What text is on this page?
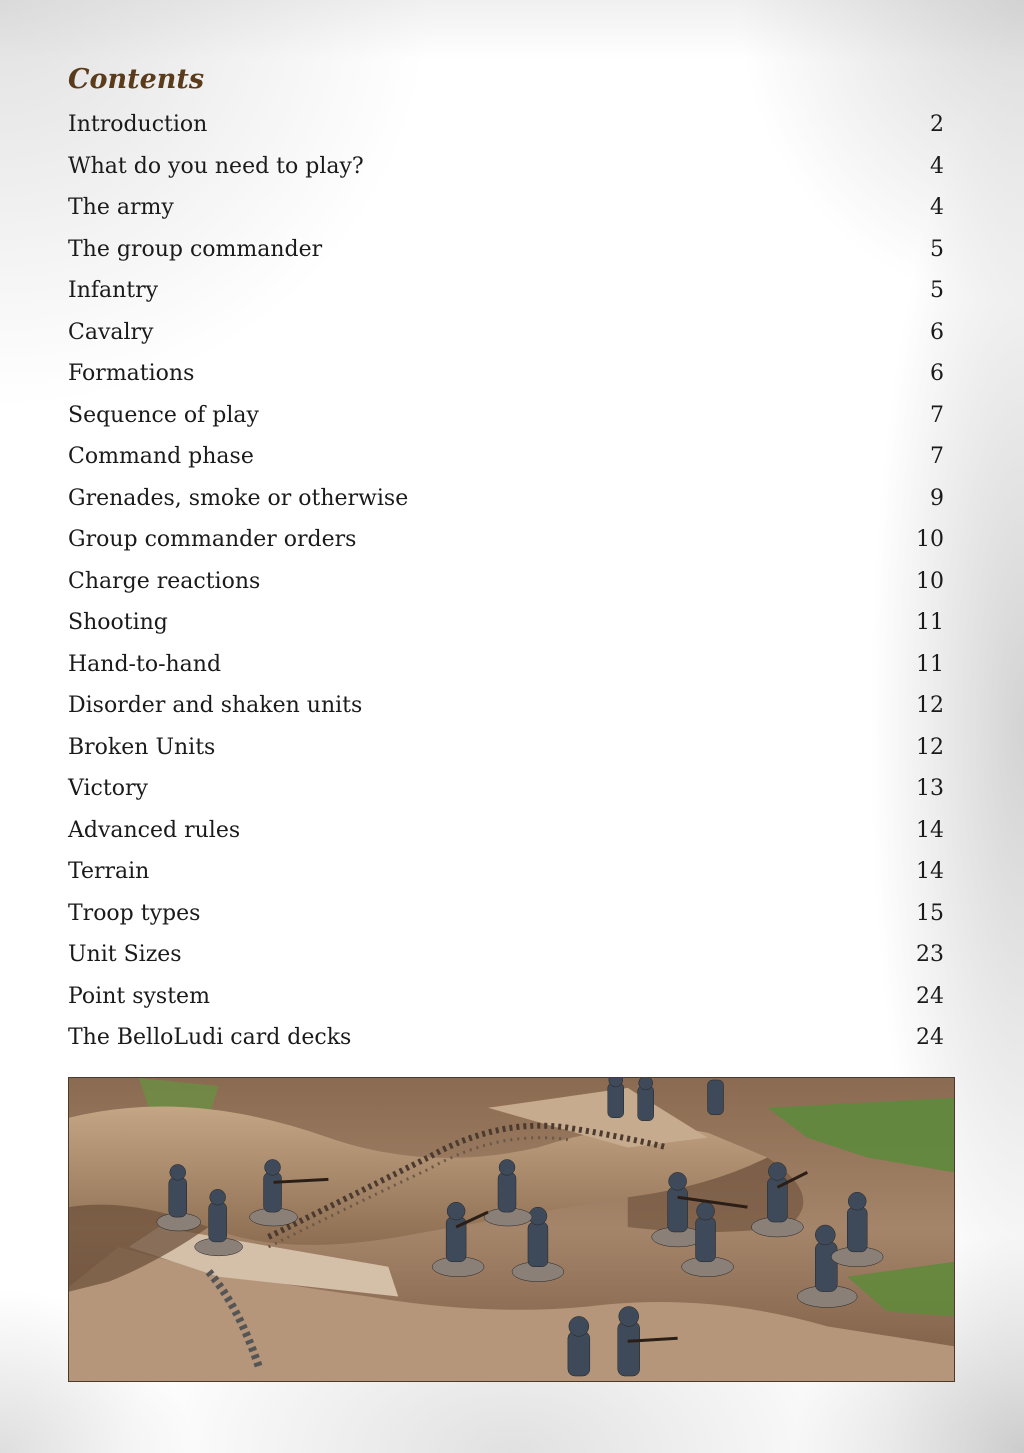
Contents
Introduction	2
What do you need to play?	4
The army	4
The group commander	5
Infantry	5
Cavalry	6
Formations	6
Sequence of play	7
Command phase	7
Grenades, smoke or otherwise	9
Group commander orders	10
Charge reactions	10
Shooting	11
Hand-to-hand	11
Disorder and shaken units	12
Broken Units	12
Victory	13
Advanced rules	14
Terrain	14
Troop types	15
Unit Sizes	23
Point system	24
The BelloLudi card decks	24
